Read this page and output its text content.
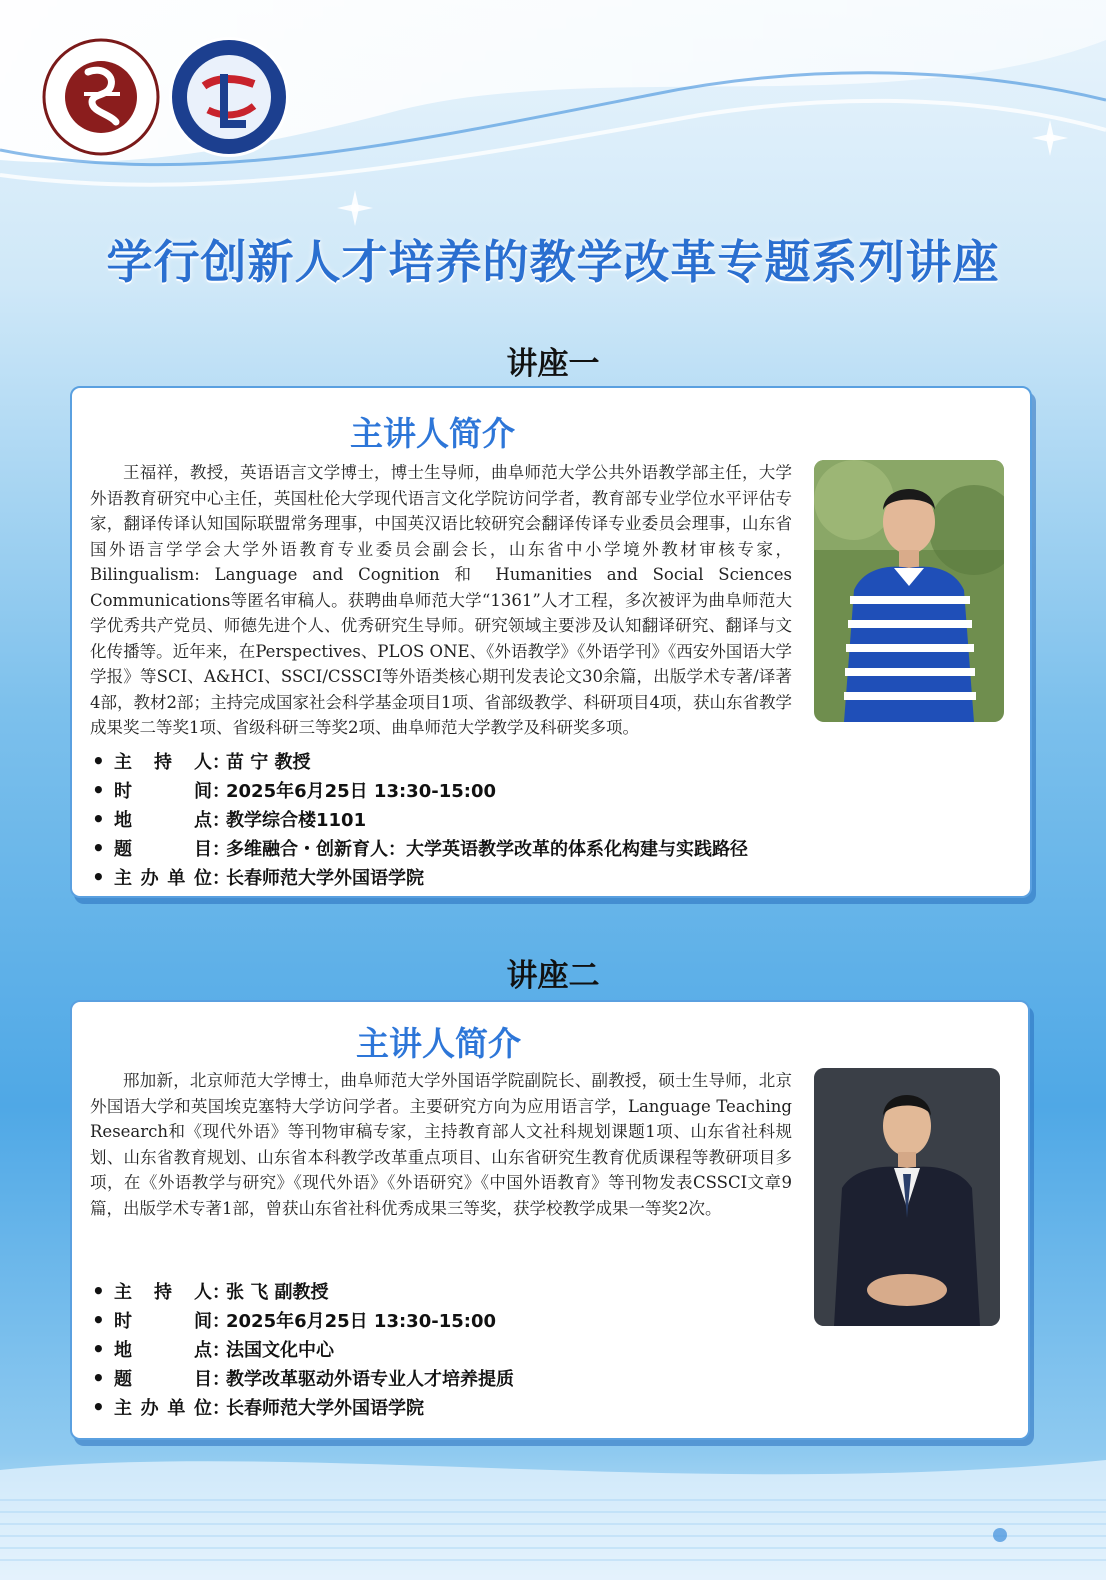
学行创新人才培养的教学改革专题系列讲座
讲座一
主讲人简介

王福祥，教授，英语语言文学博士，博士生导师，曲阜师范大学公共外语教学部主任，大学外语教育研究中心主任，英国杜伦大学现代语言文化学院访问学者，教育部专业学位水平评估专家，翻译传译认知国际联盟常务理事，中国英汉语比较研究会翻译传译专业委员会理事，山东省国外语言学学会大学外语教育专业委员会副会长，山东省中小学境外教材审核专家，Bilingualism: Language and Cognition 和 Humanities and Social Sciences Communications等匿名审稿人。获聘曲阜师范大学“1361”人才工程，多次被评为曲阜师范大学优秀共产党员、师德先进个人、优秀研究生导师。研究领域主要涉及认知翻译研究、翻译与文化传播等。近年来，在Perspectives、PLOS ONE、《外语教学》《外语学刊》《西安外国语大学学报》等SCI、A&HCI、SSCI/CSSCI等外语类核心期刊发表论文30余篇，出版学术专著/译著4部，教材2部；主持完成国家社会科学基金项目1项、省部级教学、科研项目4项，获山东省教学成果奖二等奖1项、省级科研三等奖2项、曲阜师范大学教学及科研奖多项。

• 主 持 人 ：
苗 宁 教授
• 时	间 ：
2025年6月25日 13:30-15:00
• 地	点 ：
教学综合楼1101
• 题	目 ：
多维融合・创新育人：大学英语教学改革的体系化构建与实践路径
• 主 办 单 位 ：
长春师范大学外国语学院
讲座二
主讲人简介

邢加新，北京师范大学博士，曲阜师范大学外国语学院副院长、副教授，硕士生导师，北京外国语大学和英国埃克塞特大学访问学者。主要研究方向为应用语言学，Language Teaching Research和《现代外语》等刊物审稿专家，主持教育部人文社科规划课题1项、山东省社科规划、山东省教育规划、山东省本科教学改革重点项目、山东省研究生教育优质课程等教研项目多项，在《外语教学与研究》《现代外语》《外语研究》《中国外语教育》等刊物发表CSSCI文章9篇，出版学术专著1部，曾获山东省社科优秀成果三等奖，获学校教学成果一等奖2次。

• 主 持 人 ：
张 飞 副教授
• 时	间 ：
2025年6月25日 13:30-15:00
• 地	点 ：
法国文化中心
• 题	目 ：
教学改革驱动外语专业人才培养提质
• 主 办 单 位 ：
长春师范大学外国语学院
